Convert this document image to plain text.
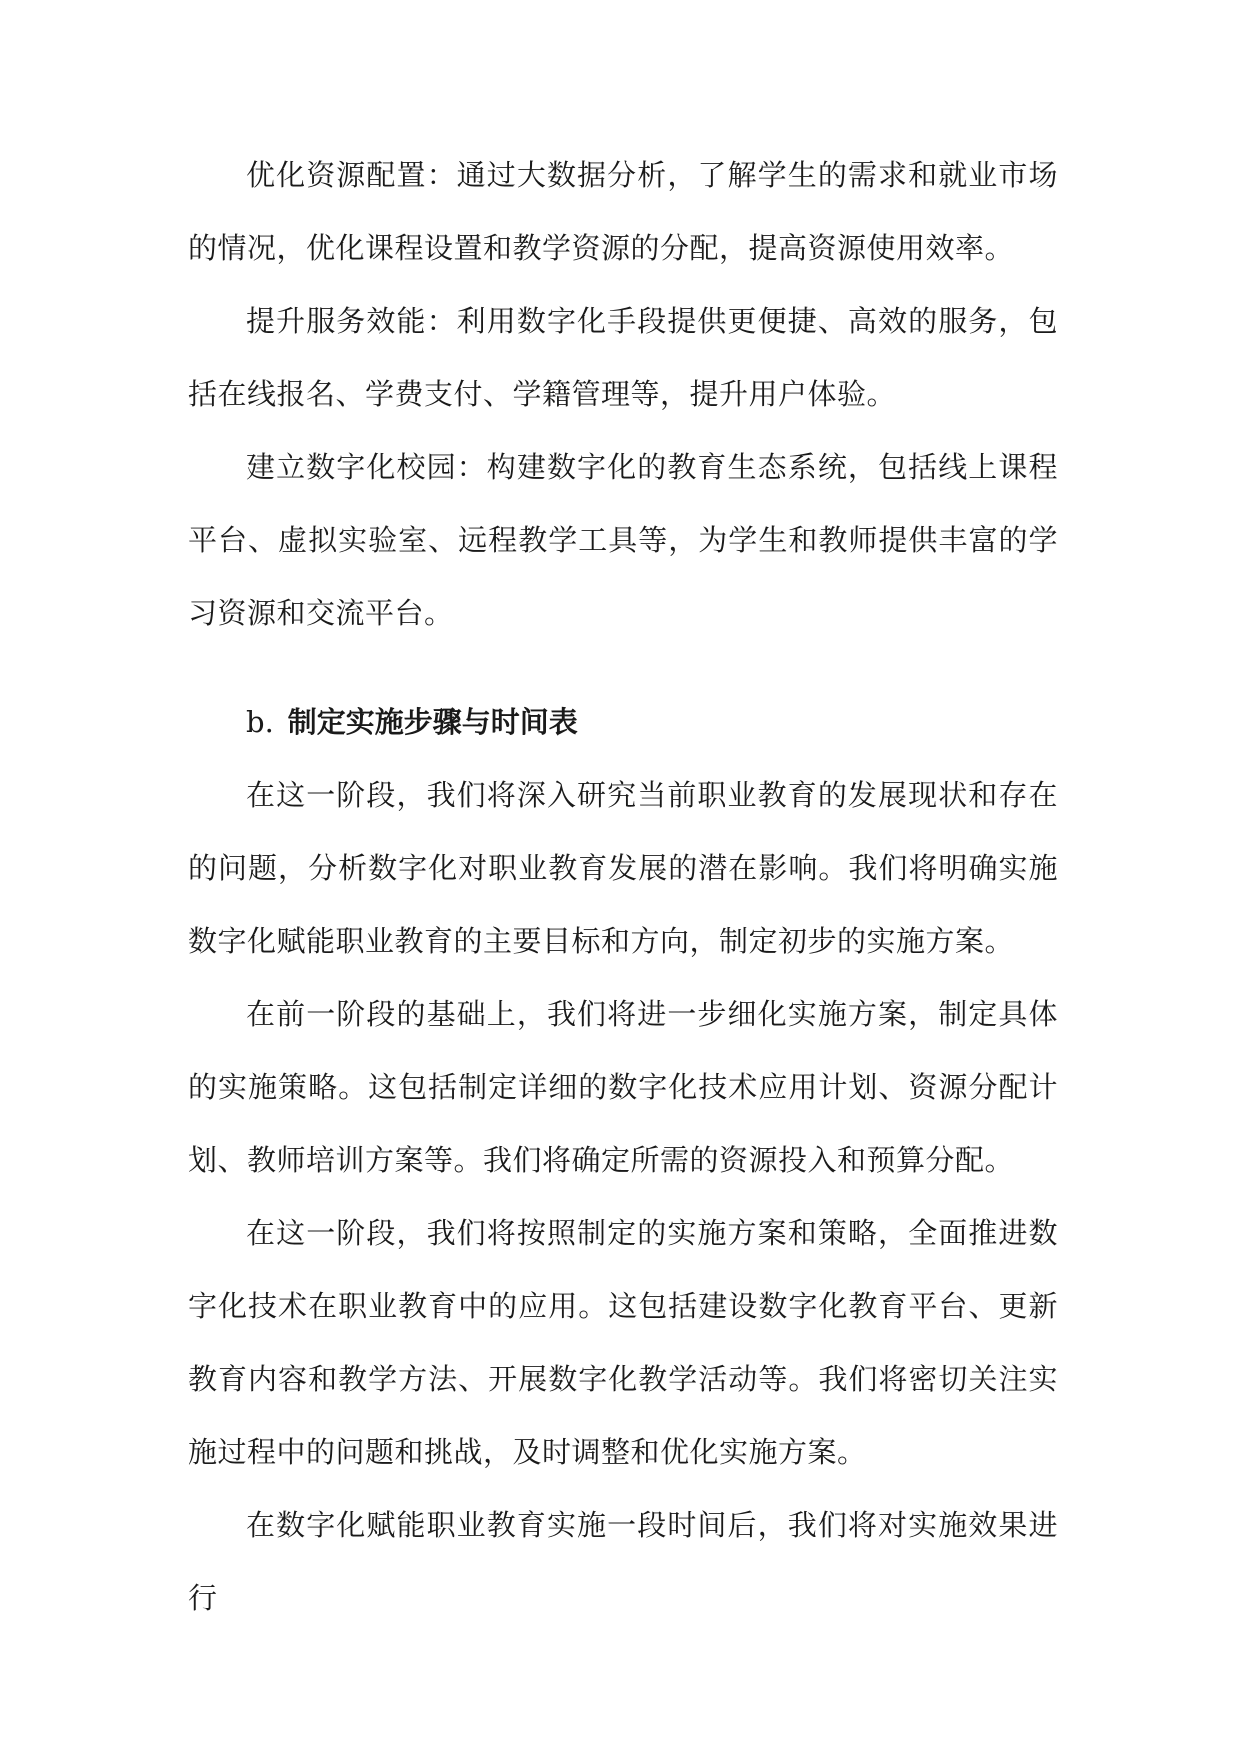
优化资源配置：通过大数据分析，了解学生的需求和就业市场的情况，优化课程设置和教学资源的分配，提高资源使用效率。

提升服务效能：利用数字化手段提供更便捷、高效的服务，包括在线报名、学费支付、学籍管理等，提升用户体验。

建立数字化校园：构建数字化的教育生态系统，包括线上课程平台、虚拟实验室、远程教学工具等，为学生和教师提供丰富的学习资源和交流平台。

b. 制定实施步骤与时间表

在这一阶段，我们将深入研究当前职业教育的发展现状和存在的问题，分析数字化对职业教育发展的潜在影响。我们将明确实施数字化赋能职业教育的主要目标和方向，制定初步的实施方案。

在前一阶段的基础上，我们将进一步细化实施方案，制定具体的实施策略。这包括制定详细的数字化技术应用计划、资源分配计划、教师培训方案等。我们将确定所需的资源投入和预算分配。

在这一阶段，我们将按照制定的实施方案和策略，全面推进数字化技术在职业教育中的应用。这包括建设数字化教育平台、更新教育内容和教学方法、开展数字化教学活动等。我们将密切关注实施过程中的问题和挑战，及时调整和优化实施方案。

在数字化赋能职业教育实施一段时间后，我们将对实施效果进行
